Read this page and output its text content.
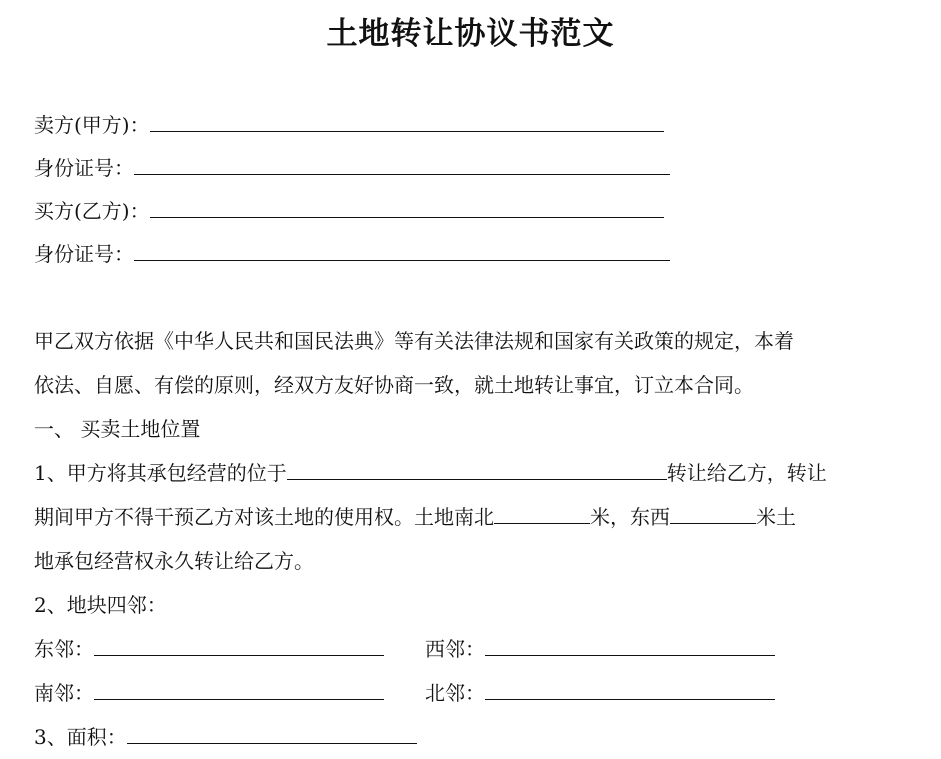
土地转让协议书范文
卖方(甲方)：
身份证号：
买方(乙方)：
身份证号：
甲乙双方依据《中华人民共和国民法典》等有关法律法规和国家有关政策的规定，本着
依法、自愿、有偿的原则，经双方友好协商一致，就土地转让事宜，订立本合同。
一、 买卖土地位置
1、甲方将其承包经营的位于	转让给乙方，转让
期间甲方不得干预乙方对该土地的使用权。土地南北	米，东西	米土
地承包经营权永久转让给乙方。
2、地块四邻：
东邻：	西邻：
南邻：	北邻：
3、面积：
